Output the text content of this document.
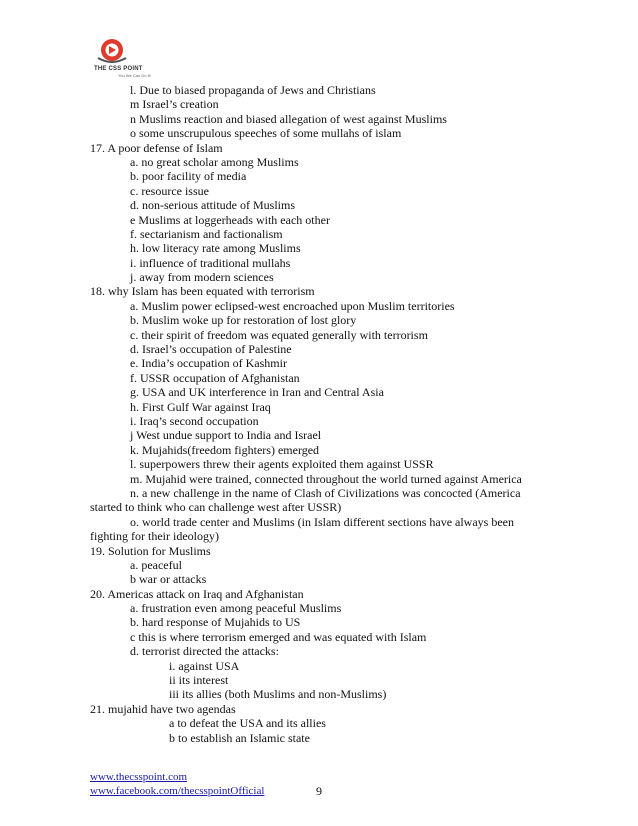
THE CSS POINT
You We Can Do It!
l. Due to biased propaganda of Jews and Christians
m Israel’s creation
n Muslims reaction and biased allegation of west against Muslims
o some unscrupulous speeches of some mullahs of islam
17. A poor defense of Islam
a. no great scholar among Muslims
b. poor facility of media
c. resource issue
d. non-serious attitude of Muslims
e Muslims at loggerheads with each other
f. sectarianism and factionalism
h. low literacy rate among Muslims
i. influence of traditional mullahs
j. away from modern sciences
18. why Islam has been equated with terrorism
a. Muslim power eclipsed-west encroached upon Muslim territories
b. Muslim woke up for restoration of lost glory
c. their spirit of freedom was equated generally with terrorism
d. Israel’s occupation of Palestine
e. India’s occupation of Kashmir
f. USSR occupation of Afghanistan
g. USA and UK interference in Iran and Central Asia
h. First Gulf War against Iraq
i. Iraq’s second occupation
j West undue support to India and Israel
k. Mujahids(freedom fighters) emerged
l. superpowers threw their agents exploited them against USSR
m. Mujahid were trained, connected throughout the world turned against America
n. a new challenge in the name of Clash of Civilizations was concocted (America
started to think who can challenge west after USSR)
o. world trade center and Muslims (in Islam different sections have always been
fighting for their ideology)
19. Solution for Muslims
a. peaceful
b war or attacks
20. Americas attack on Iraq and Afghanistan
a. frustration even among peaceful Muslims
b. hard response of Mujahids to US
c this is where terrorism emerged and was equated with Islam
d. terrorist directed the attacks:
i. against USA
ii its interest
iii its allies (both Muslims and non-Muslims)
21. mujahid have two agendas
a to defeat the USA and its allies
b to establish an Islamic state
www.thecsspoint.com
www.facebook.com/thecsspointOfficial	9
